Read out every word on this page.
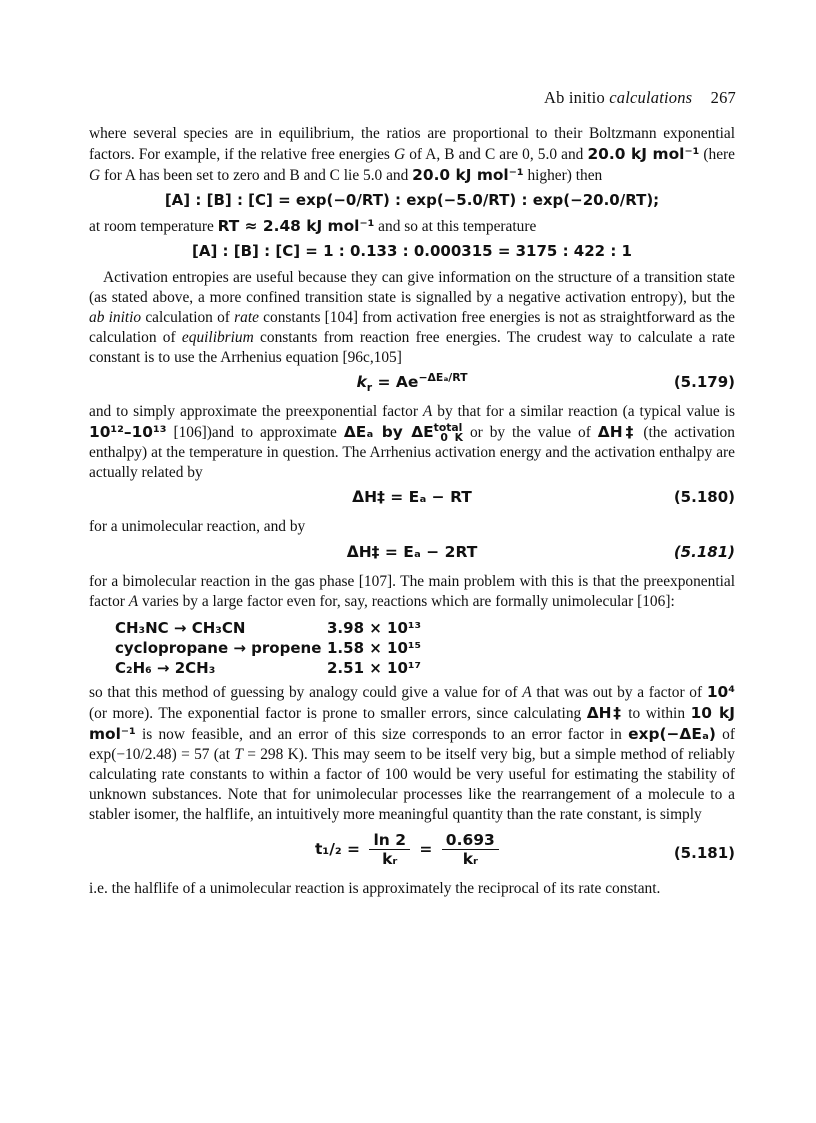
Ab initio calculations 267

where several species are in equilibrium, the ratios are proportional to their Boltzmann exponential factors. For example, if the relative free energies G of A, B and C are 0, 5.0 and 20.0 kJ mol⁻¹ (here G for A has been set to zero and B and C lie 5.0 and 20.0 kJ mol⁻¹ higher) then

[A] : [B] : [C] = exp(−0/RT) : exp(−5.0/RT) : exp(−20.0/RT);

at room temperature RT ≈ 2.48 kJ mol⁻¹ and so at this temperature

[A] : [B] : [C] = 1 : 0.133 : 0.000315 = 3175 : 422 : 1

Activation entropies are useful because they can give information on the structure of a transition state (as stated above, a more confined transition state is signalled by a negative activation entropy), but the ab initio calculation of rate constants [104] from activation free energies is not as straightforward as the calculation of equilibrium constants from reaction free energies. The crudest way to calculate a rate constant is to use the Arrhenius equation [96c,105]

$k_r = Ae^{-\Delta E_a/RT}$	(5.179)

and to simply approximate the preexponential factor A by that for a similar reaction (a typical value is 10¹²–10¹³ [106])and to approximate ΔEₐ by $\Delta E^{total}_{0 K}$ or by the value of ΔH‡ (the activation enthalpy) at the temperature in question. The Arrhenius activation energy and the activation enthalpy are actually related by

ΔH‡ = Eₐ − RT	(5.180)

for a unimolecular reaction, and by

ΔH‡ = Eₐ − 2RT	(5.181)

for a bimolecular reaction in the gas phase [107]. The main problem with this is that the preexponential factor A varies by a large factor even for, say, reactions which are formally unimolecular [106]:

CH₃NC → CH₃CN	3.98 × 10¹³
cyclopropane → propene 1.58 × 10¹⁵
C₂H₆ → 2CH₃	2.51 × 10¹⁷

so that this method of guessing by analogy could give a value for of A that was out by a factor of 10⁴ (or more). The exponential factor is prone to smaller errors, since calculating ΔH‡ to within 10 kJ mol⁻¹ is now feasible, and an error of this size corresponds to an error factor in exp(−ΔEₐ) of exp(−10/2.48) = 57 (at T = 298 K). This may seem to be itself very big, but a simple method of reliably calculating rate constants to within a factor of 100 would be very useful for estimating the stability of unknown substances. Note that for unimolecular processes like the rearrangement of a molecule to a stabler isomer, the halflife, an intuitively more meaningful quantity than the rate constant, is simply

$t_1/_2 = \frac{\ln 2}{\text{kᵣ}} = \frac{0.693}{\text{kᵣ}}$	(5.181)

i.e. the halflife of a unimolecular reaction is approximately the reciprocal of its rate constant.
